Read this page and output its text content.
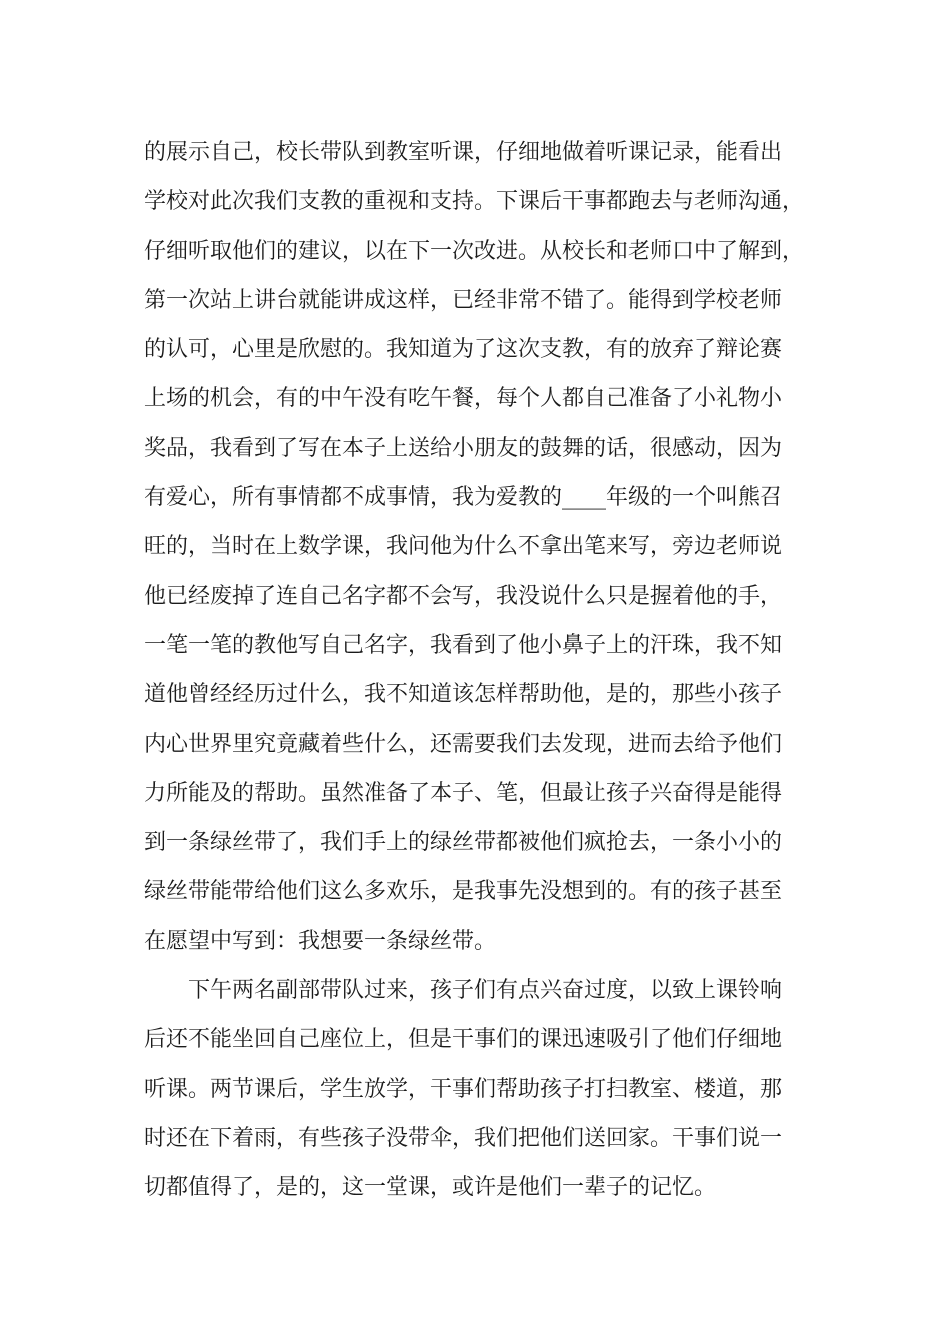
的展示自己，校长带队到教室听课，仔细地做着听课记录，能看出
学校对此次我们支教的重视和支持。下课后干事都跑去与老师沟通，
仔细听取他们的建议，以在下一次改进。从校长和老师口中了解到，
第一次站上讲台就能讲成这样，已经非常不错了。能得到学校老师
的认可，心里是欣慰的。我知道为了这次支教，有的放弃了辩论赛
上场的机会，有的中午没有吃午餐，每个人都自己准备了小礼物小
奖品，我看到了写在本子上送给小朋友的鼓舞的话，很感动，因为
有爱心，所有事情都不成事情，我为爱教的____年级的一个叫熊召
旺的，当时在上数学课，我问他为什么不拿出笔来写，旁边老师说
他已经废掉了连自己名字都不会写，我没说什么只是握着他的手，
一笔一笔的教他写自己名字，我看到了他小鼻子上的汗珠，我不知
道他曾经经历过什么，我不知道该怎样帮助他，是的，那些小孩子
内心世界里究竟藏着些什么，还需要我们去发现，进而去给予他们
力所能及的帮助。虽然准备了本子、笔，但最让孩子兴奋得是能得
到一条绿丝带了，我们手上的绿丝带都被他们疯抢去，一条小小的
绿丝带能带给他们这么多欢乐，是我事先没想到的。有的孩子甚至
在愿望中写到：我想要一条绿丝带。
下午两名副部带队过来，孩子们有点兴奋过度，以致上课铃响
后还不能坐回自己座位上，但是干事们的课迅速吸引了他们仔细地
听课。两节课后，学生放学，干事们帮助孩子打扫教室、楼道，那
时还在下着雨，有些孩子没带伞，我们把他们送回家。干事们说一
切都值得了，是的，这一堂课，或许是他们一辈子的记忆。
